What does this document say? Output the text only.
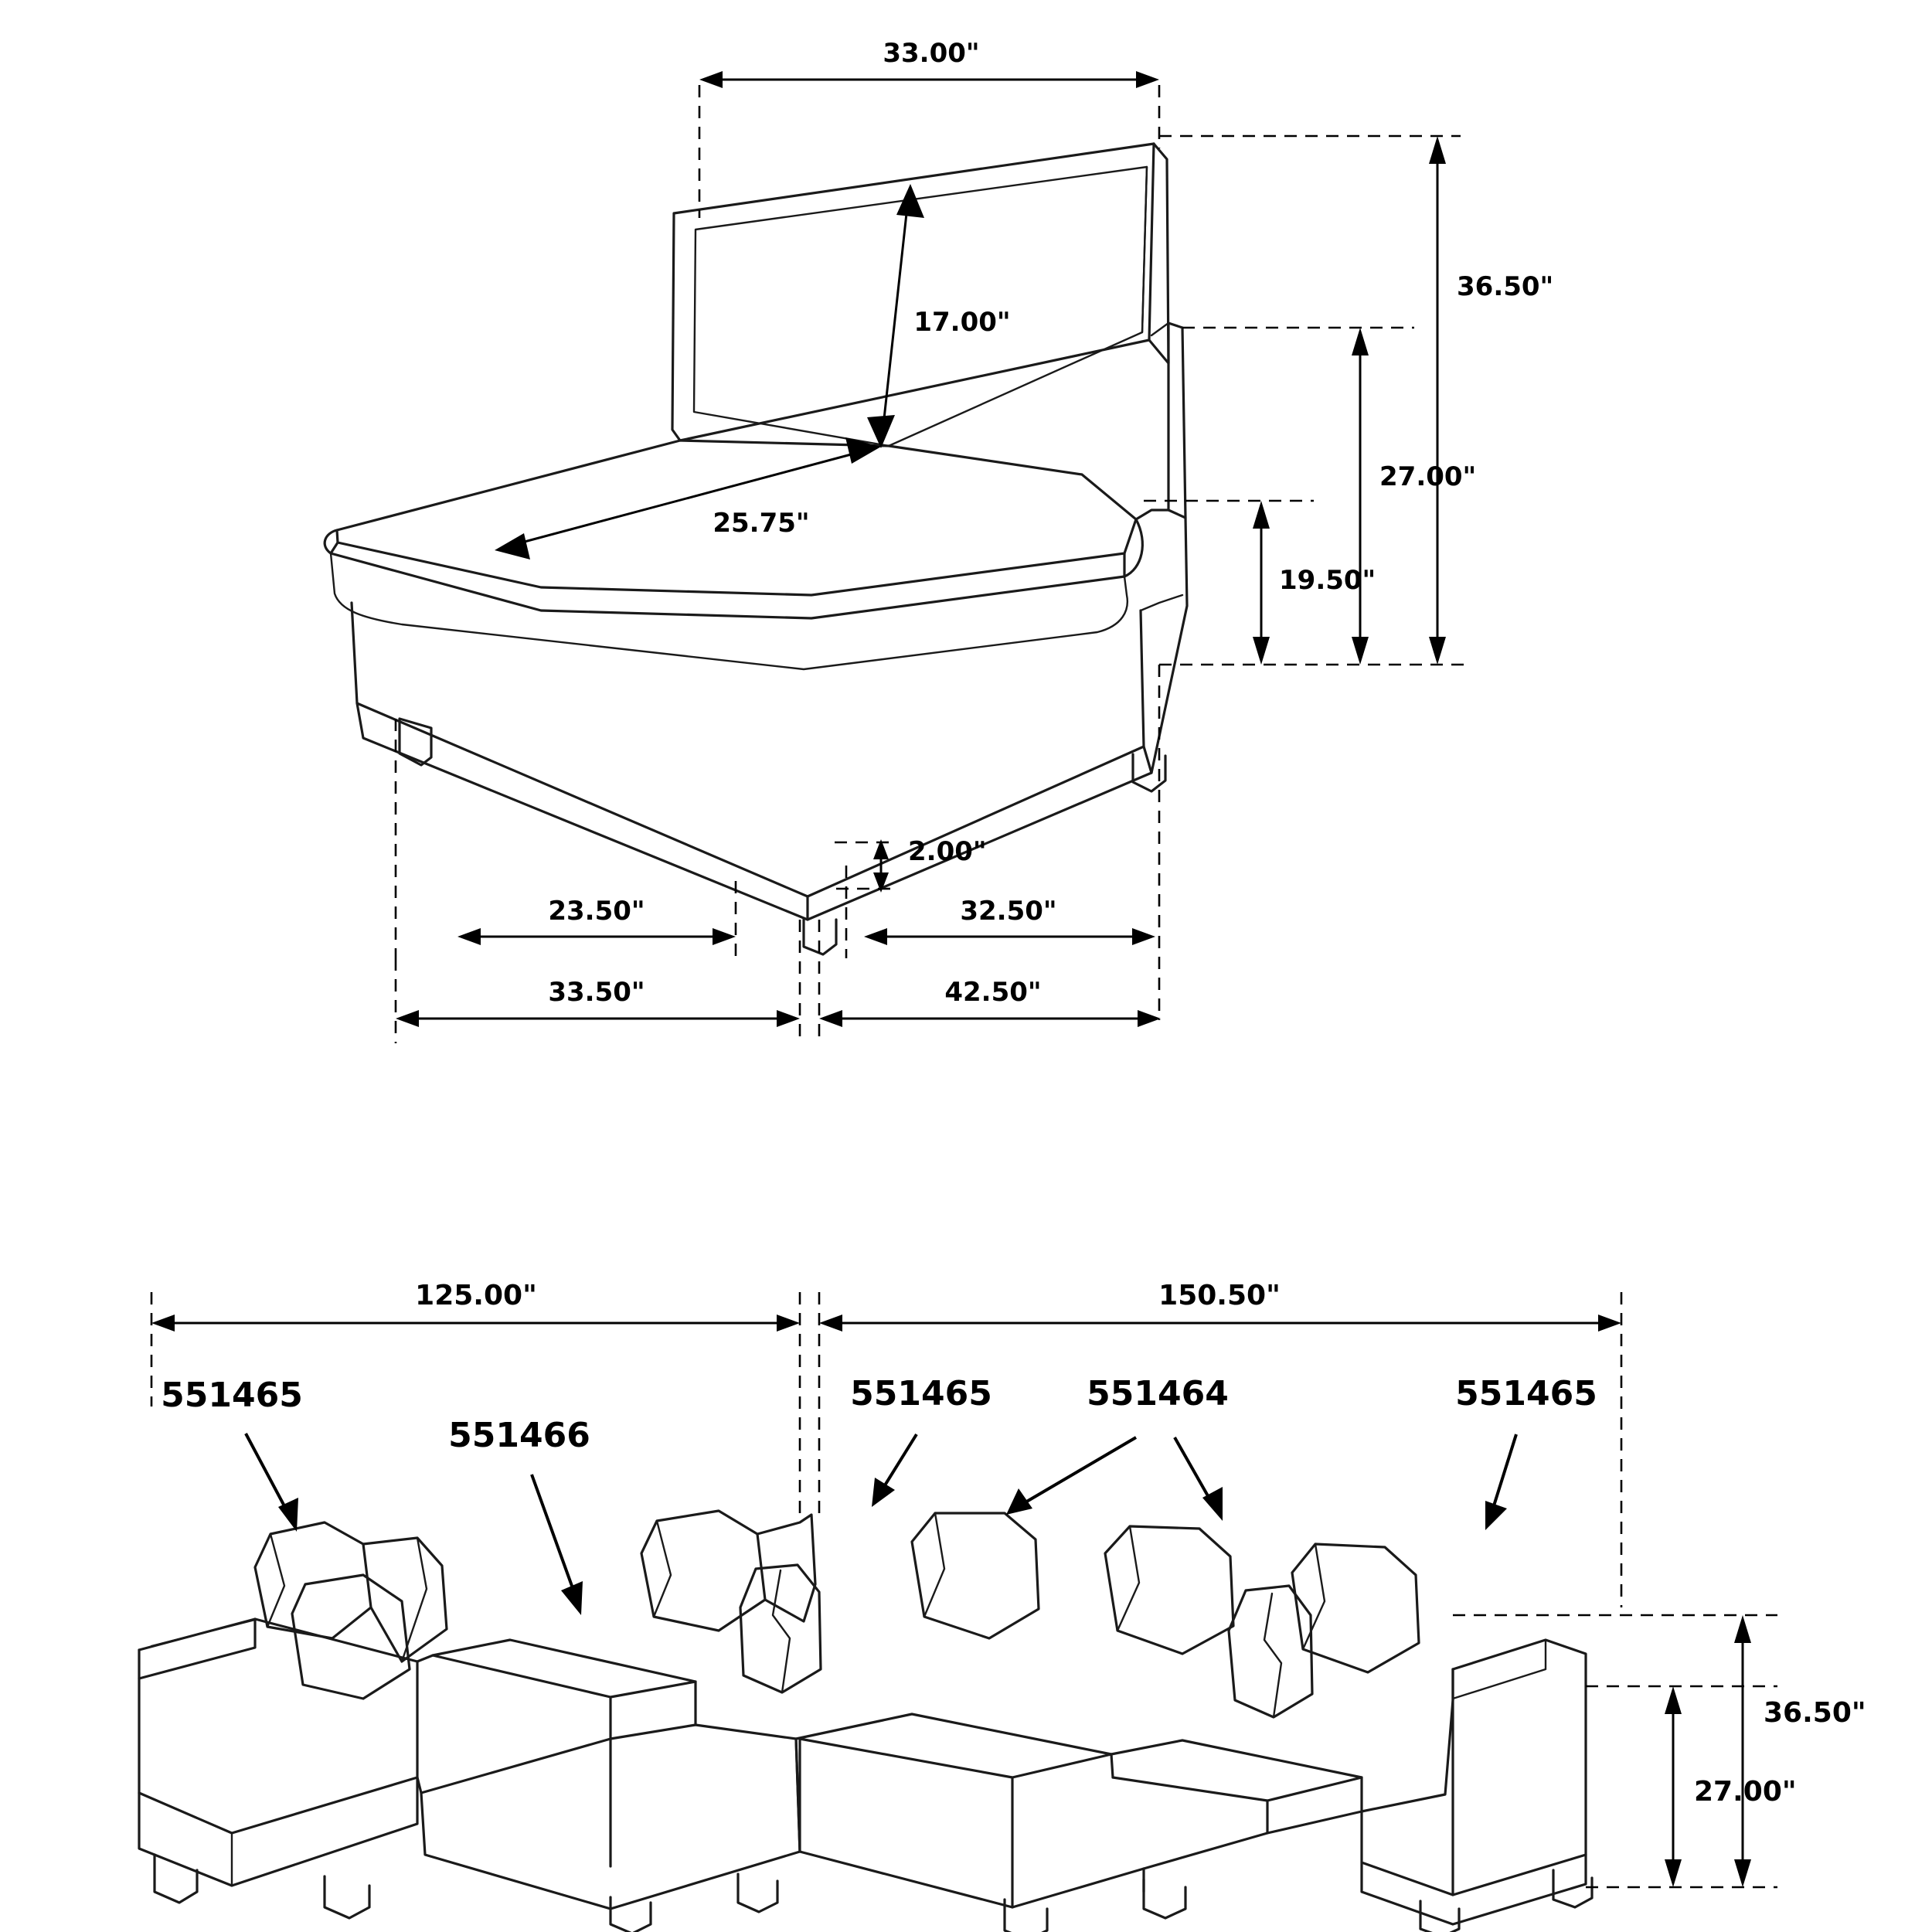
33.00"
17.00"
25.75"
36.50"
27.00"
19.50"
2.00"
23.50"	32.50"
33.50"	42.50"
125.00"	150.50"
36.50"
27.00"
551465
551466
551465	551464	551465
